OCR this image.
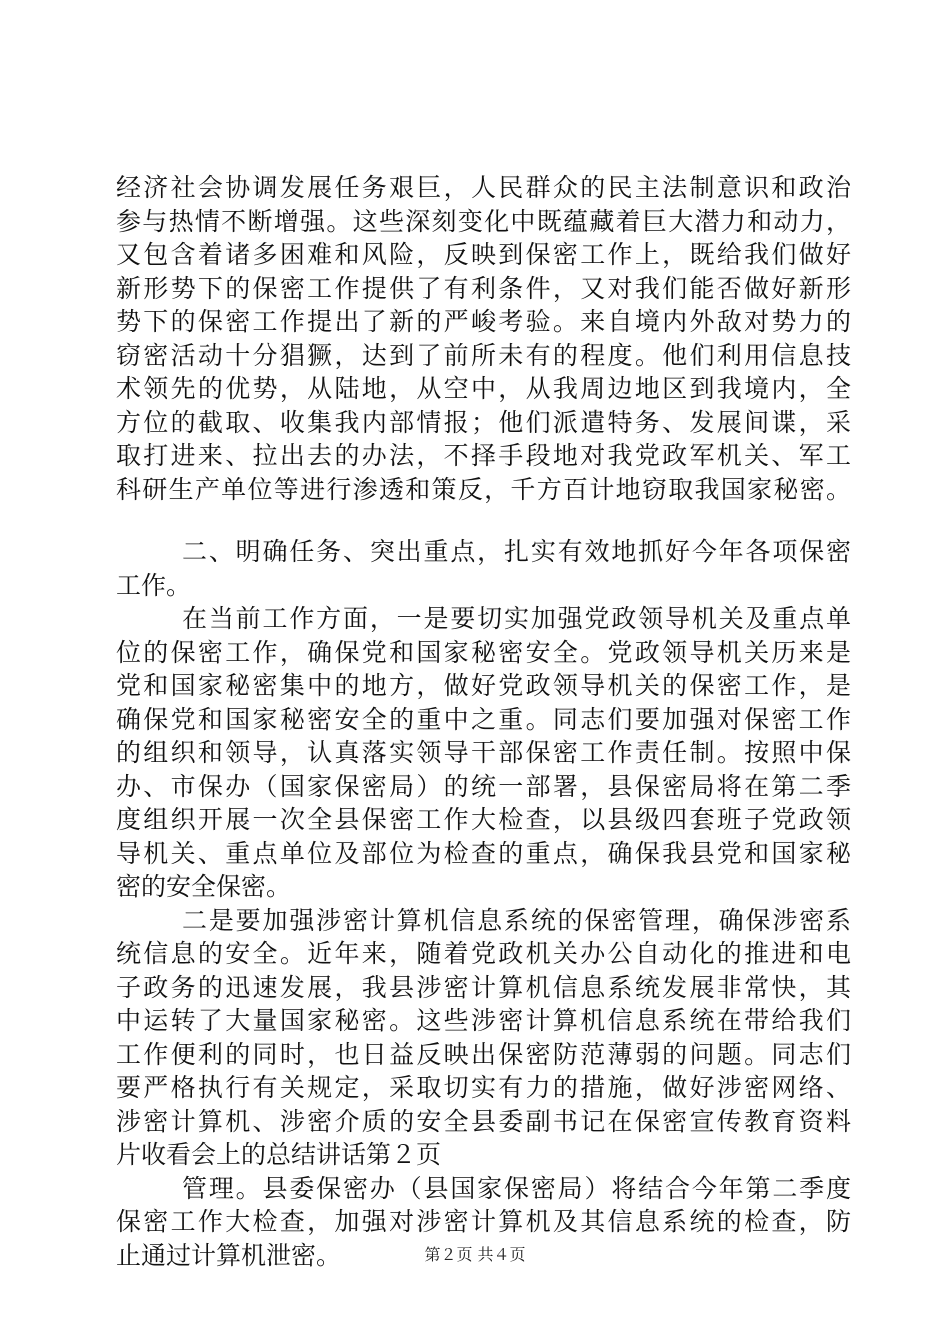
经济社会协调发展任务艰巨，人民群众的民主法制意识和政治
参与热情不断增强。这些深刻变化中既蕴藏着巨大潜力和动力，
又包含着诸多困难和风险，反映到保密工作上，既给我们做好
新形势下的保密工作提供了有利条件，又对我们能否做好新形
势下的保密工作提出了新的严峻考验。来自境内外敌对势力的
窃密活动十分猖獗，达到了前所未有的程度。他们利用信息技
术领先的优势，从陆地，从空中，从我周边地区到我境内，全
方位的截取、收集我内部情报；他们派遣特务、发展间谍，采
取打进来、拉出去的办法，不择手段地对我党政军机关、军工
科研生产单位等进行渗透和策反，千方百计地窃取我国家秘密。
二、明确任务、突出重点，扎实有效地抓好今年各项保密
工作。
在当前工作方面，一是要切实加强党政领导机关及重点单
位的保密工作，确保党和国家秘密安全。党政领导机关历来是
党和国家秘密集中的地方，做好党政领导机关的保密工作，是
确保党和国家秘密安全的重中之重。同志们要加强对保密工作
的组织和领导，认真落实领导干部保密工作责任制。按照中保
办、市保办（国家保密局）的统一部署，县保密局将在第二季
度组织开展一次全县保密工作大检查，以县级四套班子党政领
导机关、重点单位及部位为检查的重点，确保我县党和国家秘
密的安全保密。
二是要加强涉密计算机信息系统的保密管理，确保涉密系
统信息的安全。近年来，随着党政机关办公自动化的推进和电
子政务的迅速发展，我县涉密计算机信息系统发展非常快，其
中运转了大量国家秘密。这些涉密计算机信息系统在带给我们
工作便利的同时，也日益反映出保密防范薄弱的问题。同志们
要严格执行有关规定，采取切实有力的措施，做好涉密网络、
涉密计算机、涉密介质的安全县委副书记在保密宣传教育资料
片收看会上的总结讲话第２页
管理。县委保密办（县国家保密局）将结合今年第二季度
保密工作大检查，加强对涉密计算机及其信息系统的检查，防
止通过计算机泄密。	第２页 共４页
